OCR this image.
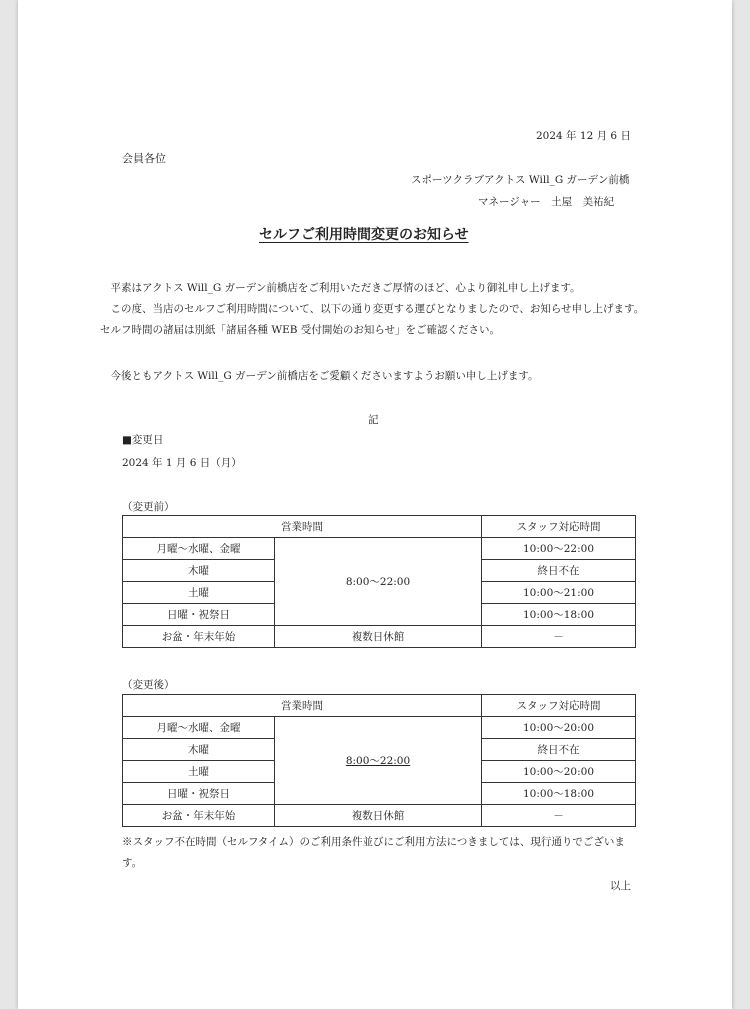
2024 年 12 月 6 日
会員各位
スポーツクラブアクトス Will_G ガーデン前橋
マネージャー　土屋　美祐紀
セルフご利用時間変更のお知らせ
平素はアクトス Will_G ガーデン前橋店をご利用いただきご厚情のほど、心より御礼申し上げます。
この度、当店のセルフご利用時間について、以下の通り変更する運びとなりましたので、お知らせ申し上げます。セルフ時間の諸届は別紙「諸届各種 WEB 受付開始のお知らせ」をご確認ください。
今後ともアクトス Will_G ガーデン前橋店をご愛顧くださいますようお願い申し上げます。
記
■変更日
2024 年 1 月 6 日（月）
（変更前）
営業時間		スタッフ対応時間
月曜～水曜、金曜	8:00～22:00	10:00～22:00
木曜		終日不在
土曜		10:00～21:00
日曜・祝祭日		10:00～18:00
お盆・年末年始	複数日休館	－
（変更後）
営業時間		スタッフ対応時間
月曜～水曜、金曜	8:00～22:00	10:00～20:00
木曜		終日不在
土曜		10:00～20:00
日曜・祝祭日		10:00～18:00
お盆・年末年始	複数日休館	－
※スタッフ不在時間（セルフタイム）のご利用条件並びにご利用方法につきましては、現行通りでございます。
以上
